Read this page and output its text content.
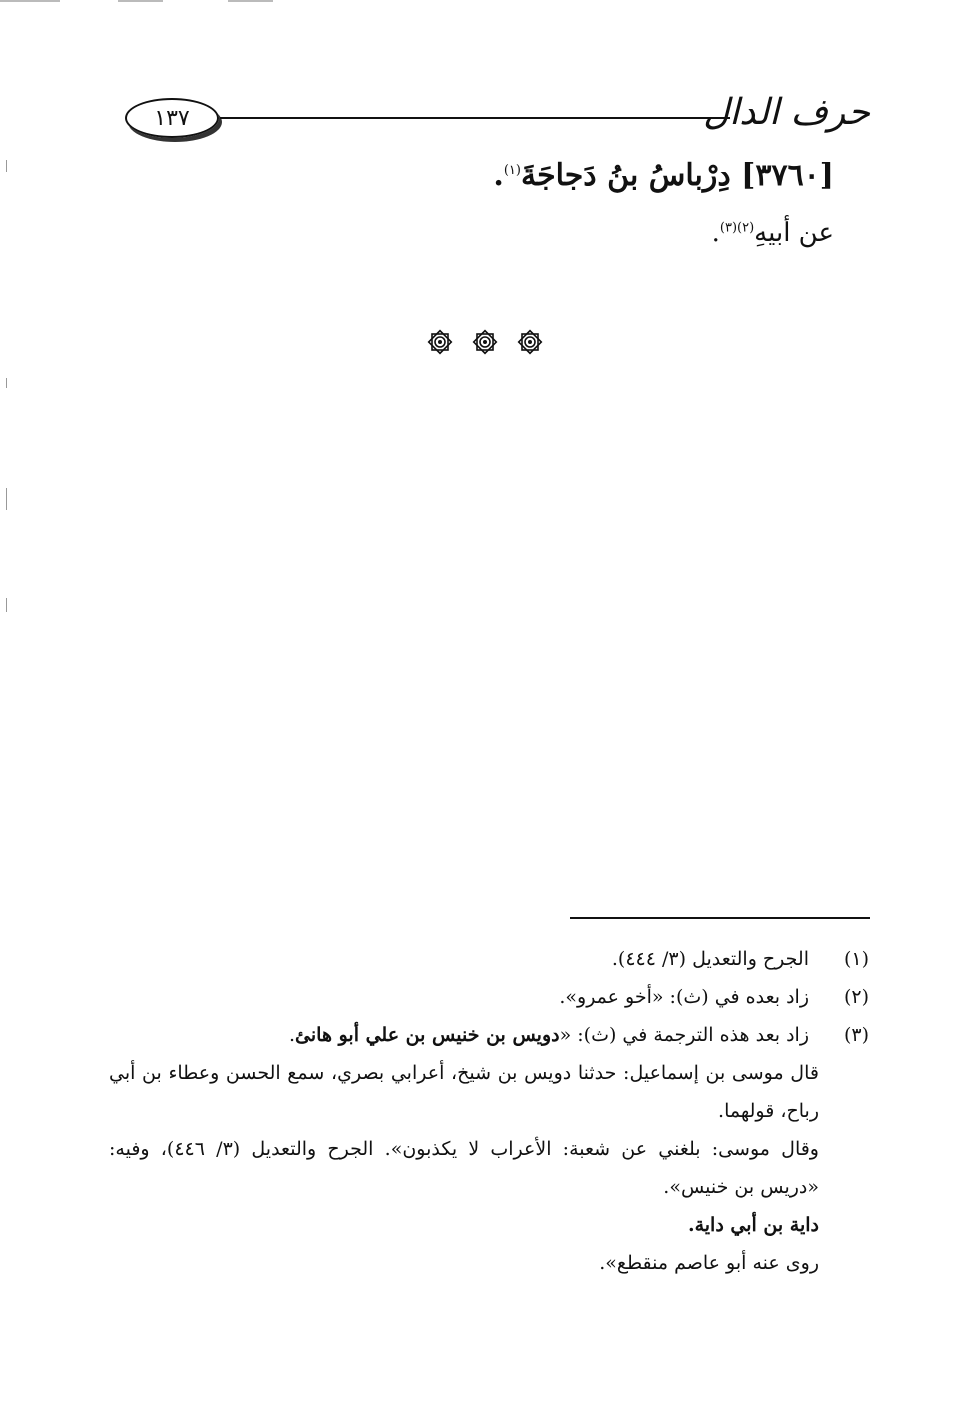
١٣٧	حرف الدال
[٣٧٦٠] دِرْباسُ بنُ دَجاجَةَ$^{(١)}$.
عن أبيهِ$^{(٢)(٣)}$.
(١)
الجرح والتعديل (٣/ ٤٤٤).
(٢)
زاد بعده في (ث): «أخو عمرو».
(٣)
زاد بعد هذه الترجمة في (ث): «دويس بن خنيس بن علي أبو هانئ.
قال موسى بن إسماعيل: حدثنا دويس بن شيخ، أعرابي بصري، سمع الحسن وعطاء بن أبي رباح، قولهما.
وقال موسى: بلغني عن شعبة: الأعراب لا يكذبون». الجرح والتعديل (٣/ ٤٤٦)، وفيه: «دريس بن خنيس».
داية بن أبي داية.
روى عنه أبو عاصم منقطع».
